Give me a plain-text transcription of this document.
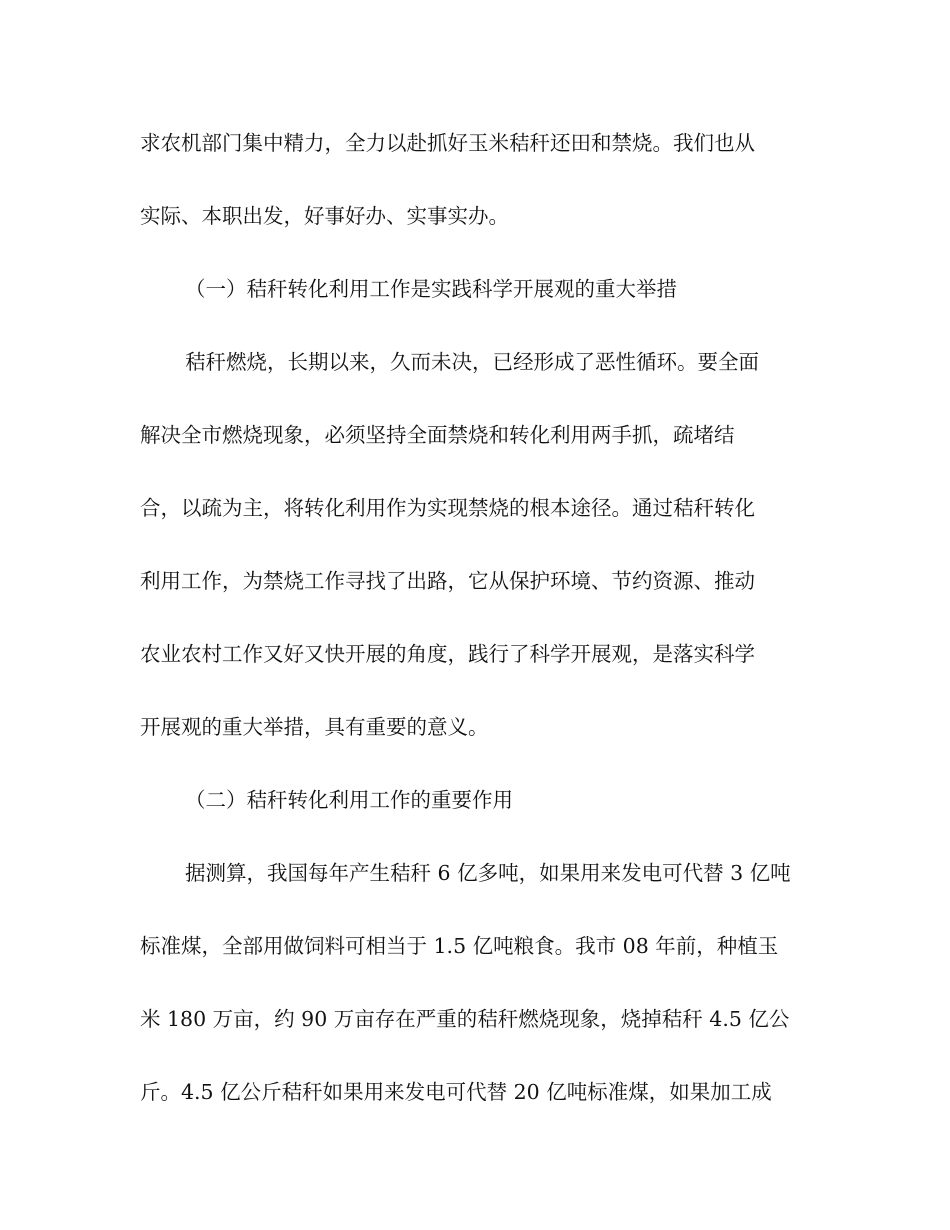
求农机部门集中精力，全力以赴抓好玉米秸秆还田和禁烧。我们也从
实际、本职出发，好事好办、实事实办。
（一）秸秆转化利用工作是实践科学开展观的重大举措
秸秆燃烧，长期以来，久而未决，已经形成了恶性循环。要全面
解决全市燃烧现象，必须坚持全面禁烧和转化利用两手抓，疏堵结
合，以疏为主，将转化利用作为实现禁烧的根本途径。通过秸秆转化
利用工作，为禁烧工作寻找了出路，它从保护环境、节约资源、推动
农业农村工作又好又快开展的角度，践行了科学开展观，是落实科学
开展观的重大举措，具有重要的意义。
（二）秸秆转化利用工作的重要作用
据测算，我国每年产生秸秆 6 亿多吨，如果用来发电可代替 3 亿吨
标准煤，全部用做饲料可相当于 1.5 亿吨粮食。我市 08 年前，种植玉
米 180 万亩，约 90 万亩存在严重的秸秆燃烧现象，烧掉秸秆 4.5 亿公
斤。4.5 亿公斤秸秆如果用来发电可代替 20 亿吨标准煤，如果加工成
